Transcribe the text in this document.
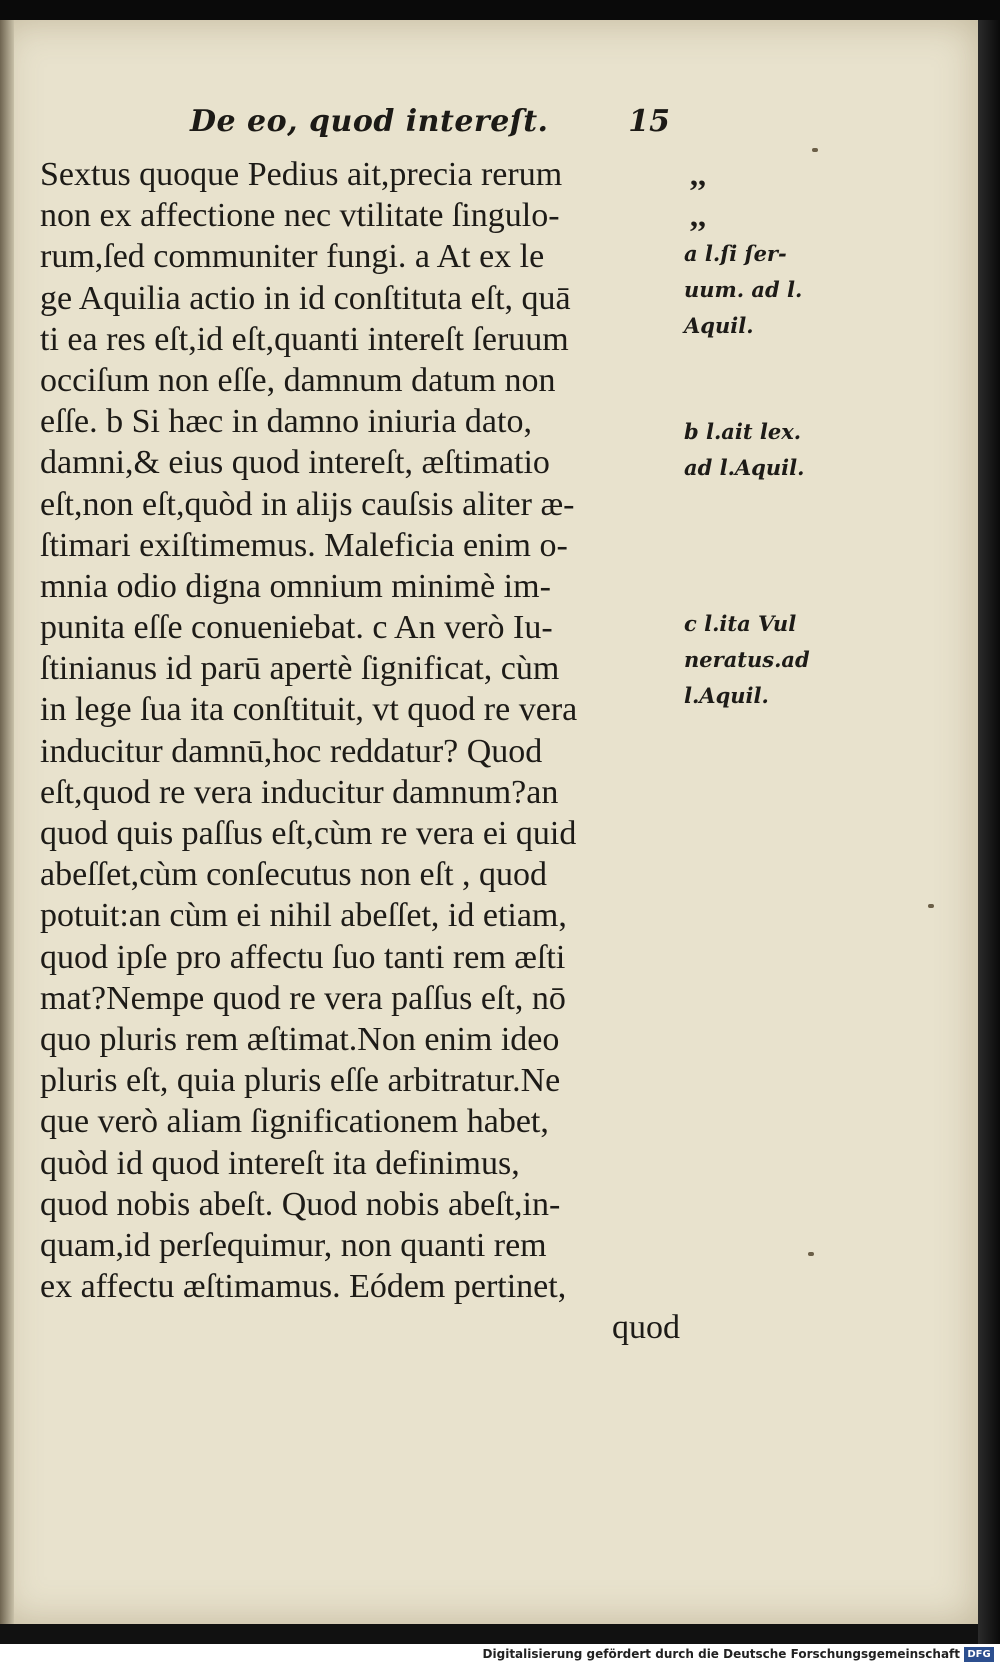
De eo, quod intereſt.	15
Sextus quoque Pedius ait,precia rerum	,,
non ex affectione nec vtilitate ſingulo-	,,
rum,ſed communiter fungi. a At ex le
ge Aquilia actio in id conſtituta eſt, quā
ti ea res eſt,id eſt,quanti intereſt ſeruum
occiſum non eſſe, damnum datum non
eſſe. b Si hæc in damno iniuria dato,
damni,& eius quod intereſt, æſtimatio
eſt,non eſt,quòd in alijs cauſsis aliter æ-
ſtimari exiſtimemus. Maleficia enim o-
mnia odio digna omnium minimè im-
punita eſſe conueniebat. c An verò Iu-
ſtinianus id parū apertè ſignificat, cùm
in lege ſua ita conſtituit, vt quod re vera
inducitur damnū,hoc reddatur? Quod
eſt,quod re vera inducitur damnum?an
quod quis paſſus eſt,cùm re vera ei quid
abeſſet,cùm conſecutus non eſt , quod
potuit:an cùm ei nihil abeſſet, id etiam,
quod ipſe pro affectu ſuo tanti rem æſti
mat?Nempe quod re vera paſſus eſt, nō
quo pluris rem æſtimat.Non enim ideo
pluris eſt, quia pluris eſſe arbitratur.Ne
que verò aliam ſignificationem habet,
quòd id quod intereſt ita definimus,
quod nobis abeſt. Quod nobis abeſt,in-
quam,id perſequimur, non quanti rem
ex affectu æſtimamus. Eódem pertinet,
quod
a l.ſi ſer-
uum. ad l.
Aquil.
b l.ait lex.
ad l.Aquil.
c l.ita Vul
neratus.ad
l.Aquil.
Digitalisierung gefördert durch die Deutsche Forschungsgemeinschaft DFG
